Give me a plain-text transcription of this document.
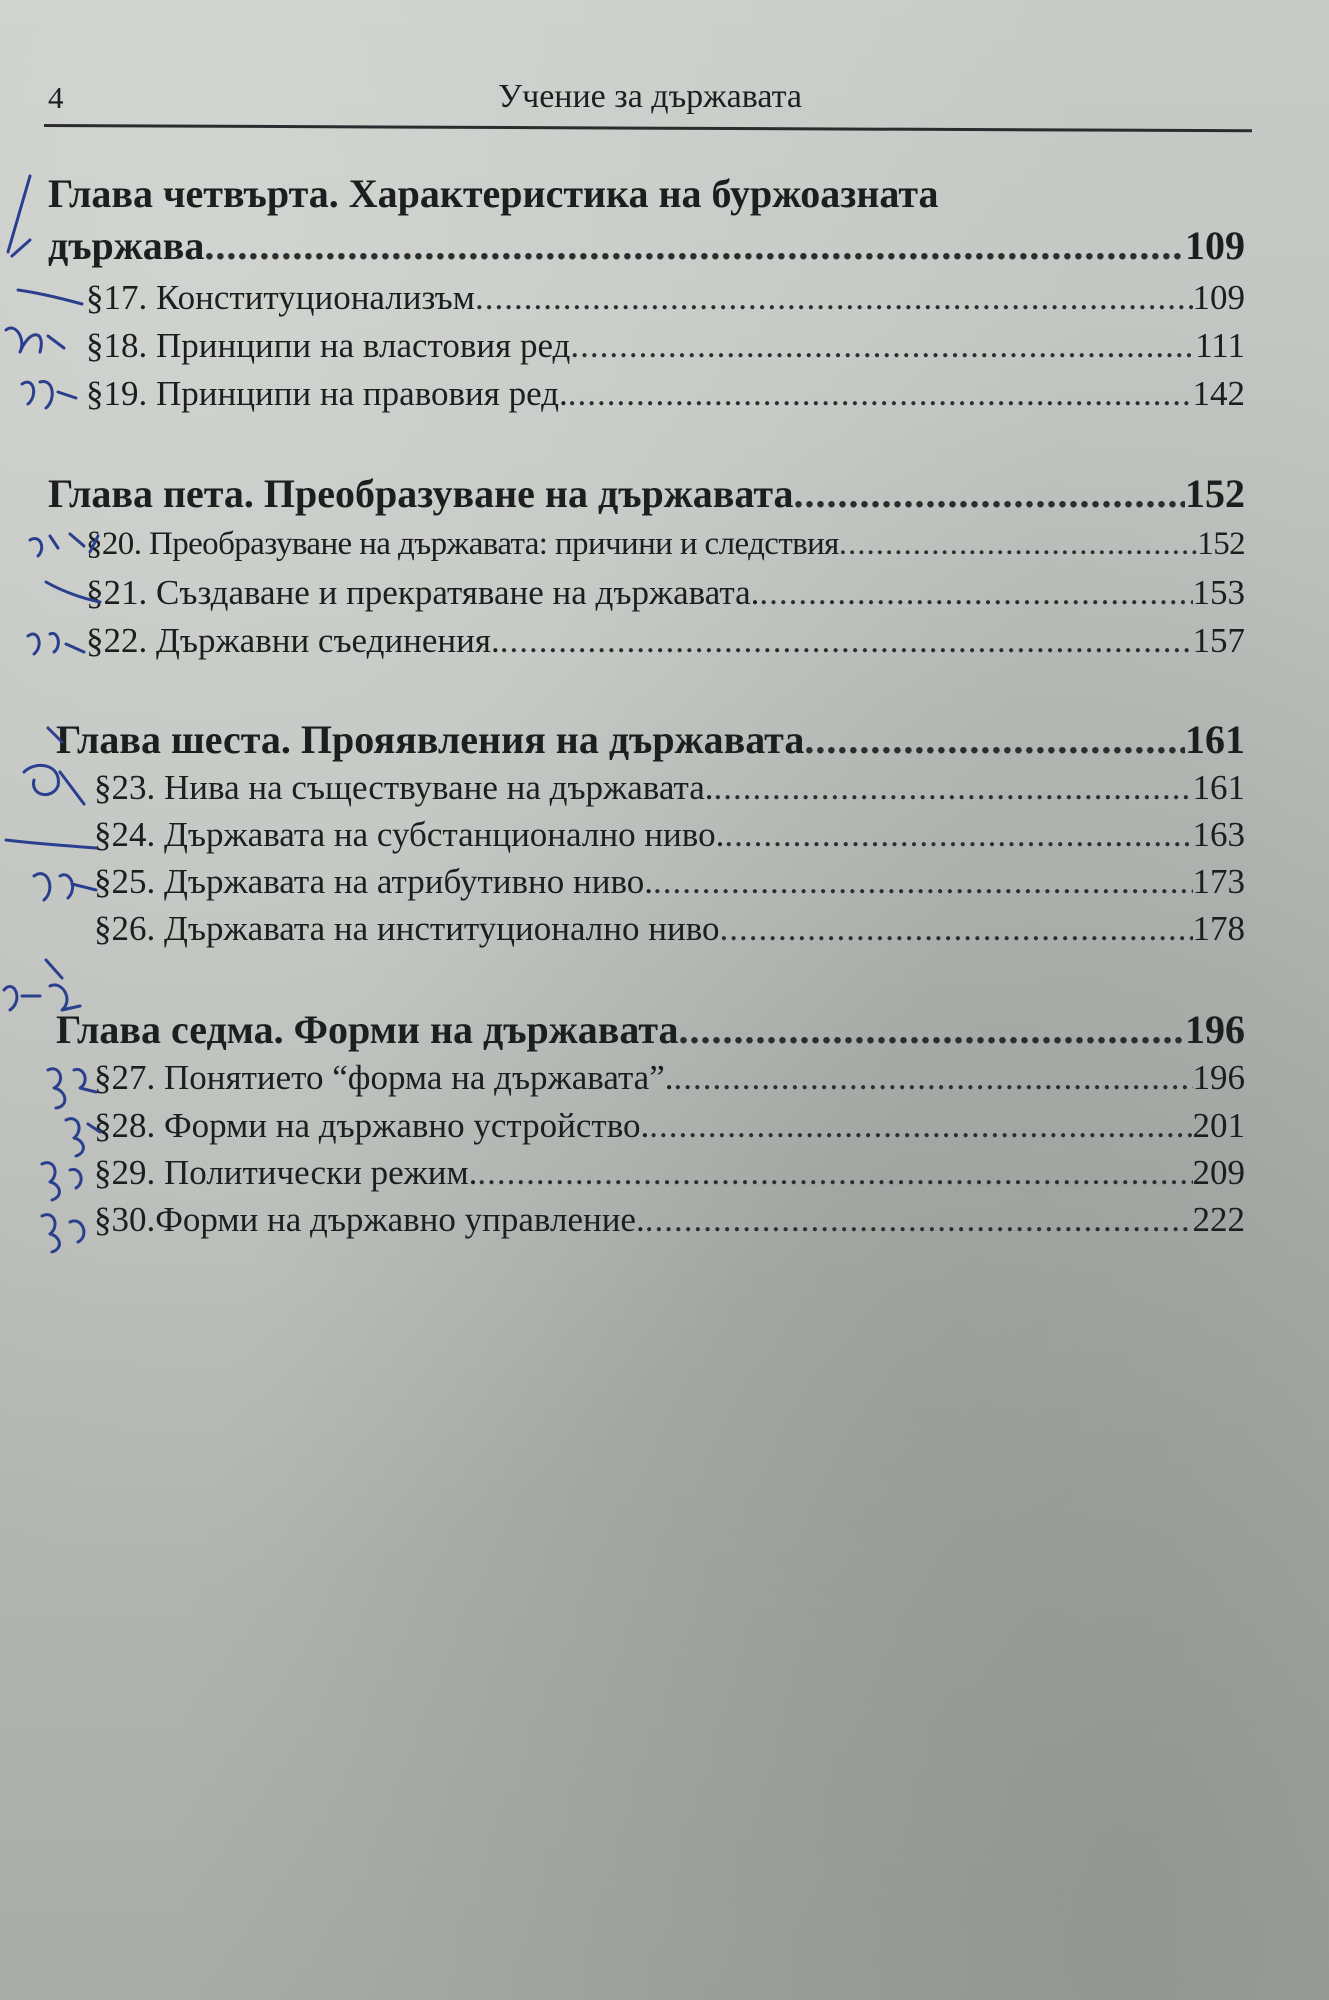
4	Учение за държавата
Глава четвърта. Характеристика на буржоазната
държава .....	109
§17. Конституционализъм .....	109
§18. Принципи на властовия ред .....	111
§19. Принципи на правовия ред. .....	142
Глава пета. Преобразуване на държавата .....	152
§20. Преобразуване на държавата: причини и следствия .....	152
§21. Създаване и прекратяване на държавата. .....	153
§22. Държавни съединения. .....	157
Глава шеста. Прояявления на държавата .....	161
§23. Нива на съществуване на държавата. .....	161
§24. Държавата на субстанционално ниво. .....	163
§25. Държавата на атрибутивно ниво. .....	173
§26. Държавата на институционално ниво .....	178
Глава седма. Форми на държавата .....	196
§27. Понятието “форма на държавата”. .....	196
§28. Форми на държавно устройство. .....	201
§29. Политически режим. .....	209
§30.Форми на държавно управление. .....	222
